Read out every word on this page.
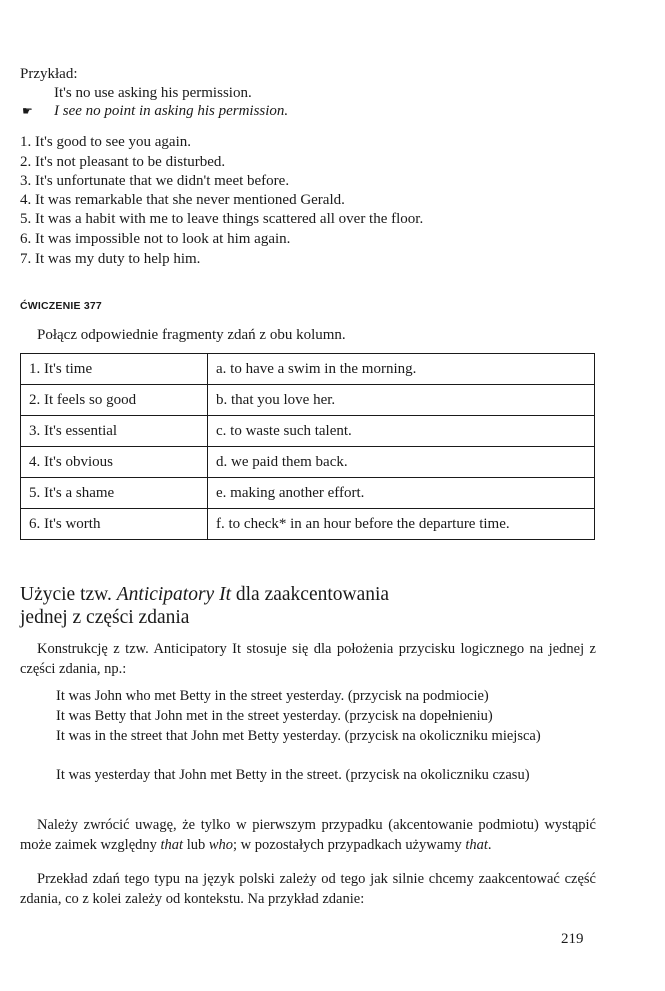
Przykład:
It's no use asking his permission.
☛ I see no point in asking his permission.
1. It's good to see you again.
2. It's not pleasant to be disturbed.
3. It's unfortunate that we didn't meet before.
4. It was remarkable that she never mentioned Gerald.
5. It was a habit with me to leave things scattered all over the floor.
6. It was impossible not to look at him again.
7. It was my duty to help him.
ĆWICZENIE 377
Połącz odpowiednie fragmenty zdań z obu kolumn.
1. It's time	a. to have a swim in the morning.
2. It feels so good	b. that you love her.
3. It's essential	c. to waste such talent.
4. It's obvious	d. we paid them back.
5. It's a shame	e. making another effort.
6. It's worth	f. to check* in an hour before the departure time.
Użycie tzw. Anticipatory It dla zaakcentowania
jednej z części zdania
Konstrukcję z tzw. Anticipatory It stosuje się dla położenia przycisku logicznego na jednej z części zdania, np.:
It was John who met Betty in the street yesterday. (przycisk na podmiocie)
It was Betty that John met in the street yesterday. (przycisk na dopełnieniu)
It was in the street that John met Betty yesterday. (przycisk na okoliczniku miejsca)
It was yesterday that John met Betty in the street. (przycisk na okoliczniku czasu)
Należy zwrócić uwagę, że tylko w pierwszym przypadku (akcentowanie podmiotu) wystąpić może zaimek względny that lub who; w pozostałych przypadkach używamy that.
Przekład zdań tego typu na język polski zależy od tego jak silnie chcemy zaakcentować część zdania, co z kolei zależy od kontekstu. Na przykład zdanie:
219
